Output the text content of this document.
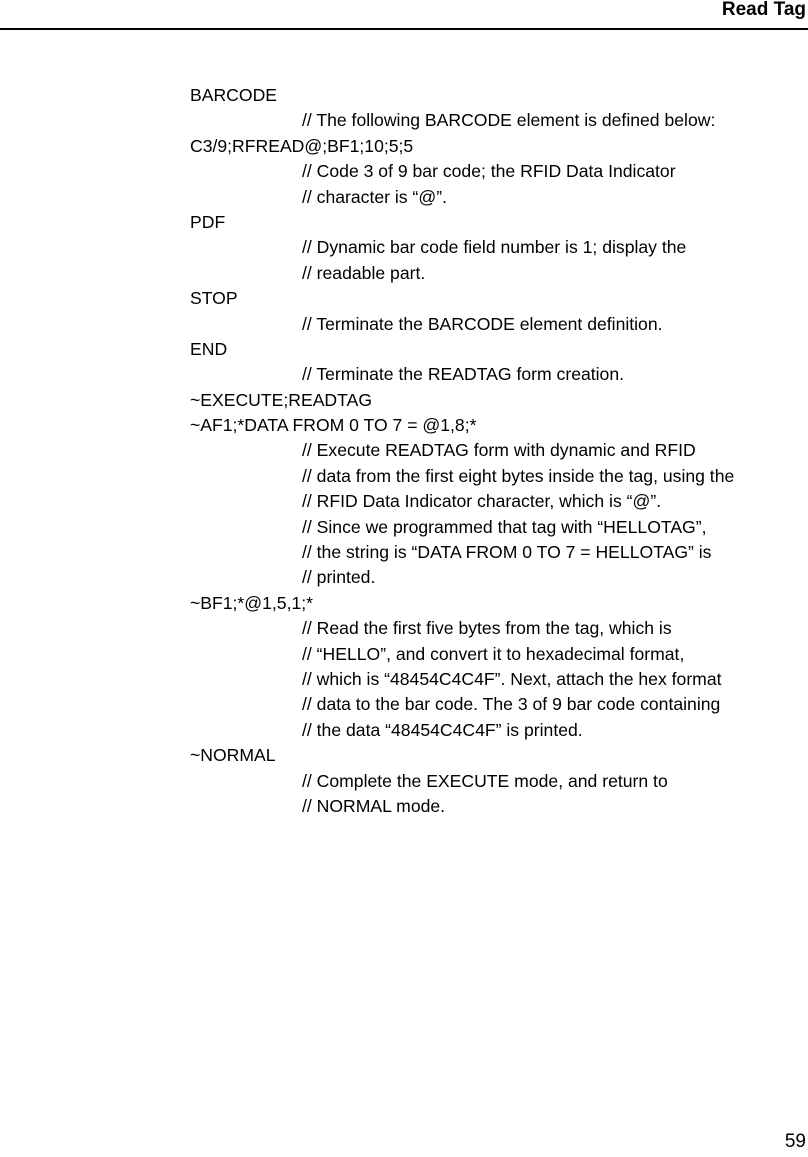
Read Tag
BARCODE
// The following BARCODE element is defined below:
C3/9;RFREAD@;BF1;10;5;5
// Code 3 of 9 bar code; the RFID Data Indicator
// character is “@”.
PDF
// Dynamic bar code field number is 1; display the
// readable part.
STOP
// Terminate the BARCODE element definition.
END
// Terminate the READTAG form creation.
~EXECUTE;READTAG
~AF1;*DATA FROM 0 TO 7 = @1,8;*
// Execute READTAG form with dynamic and RFID
// data from the first eight bytes inside the tag, using the
// RFID Data Indicator character, which is “@”.
// Since we programmed that tag with “HELLOTAG”,
// the string is “DATA FROM 0 TO 7 = HELLOTAG” is
// printed.
~BF1;*@1,5,1;*
// Read the first five bytes from the tag, which is
// “HELLO”, and convert it to hexadecimal format,
// which is “48454C4C4F”. Next, attach the hex format
// data to the bar code. The 3 of 9 bar code containing
// the data “48454C4C4F” is printed.
~NORMAL
// Complete the EXECUTE mode, and return to
// NORMAL mode.
59
